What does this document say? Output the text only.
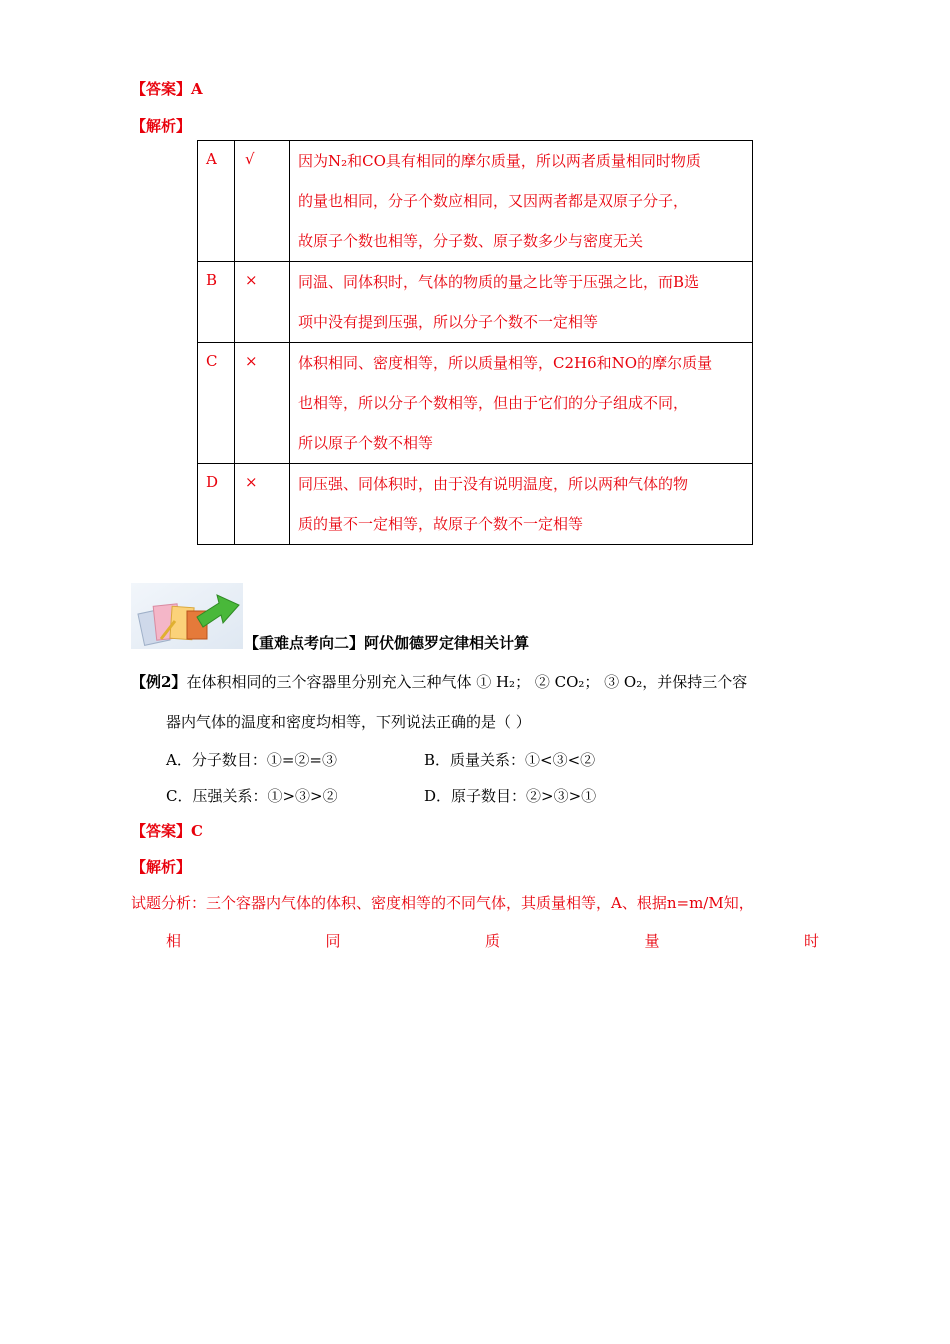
【答案】A
【解析】
A	√	因为N₂和CO具有相同的摩尔质量，所以两者质量相同时物质
的量也相同，分子个数应相同，又因两者都是双原子分子，
故原子个数也相等，分子数、原子数多少与密度无关

B	×	同温、同体积时，气体的物质的量之比等于压强之比，而B选
项中没有提到压强，所以分子个数不一定相等

C	×	体积相同、密度相等，所以质量相等，C2H6和NO的摩尔质量
也相等，所以分子个数相等，但由于它们的分子组成不同，
所以原子个数不相等

D	×	同压强、同体积时，由于没有说明温度，所以两种气体的物
质的量不一定相等，故原子个数不一定相等
【重难点考向二】阿伏伽德罗定律相关计算
【例2】在体积相同的三个容器里分别充入三种气体 ① H₂； ② CO₂； ③ O₂，并保持三个容
器内气体的温度和密度均相等，下列说法正确的是（ ）
A．分子数目：①=②=③	B．质量关系：①<③<②
C．压强关系：①>③>②	D．原子数目：②>③>①
【答案】C
【解析】
试题分析：三个容器内气体的体积、密度相等的不同气体，其质量相等，A、根据n=m/M知，
相	同	质	量	时
